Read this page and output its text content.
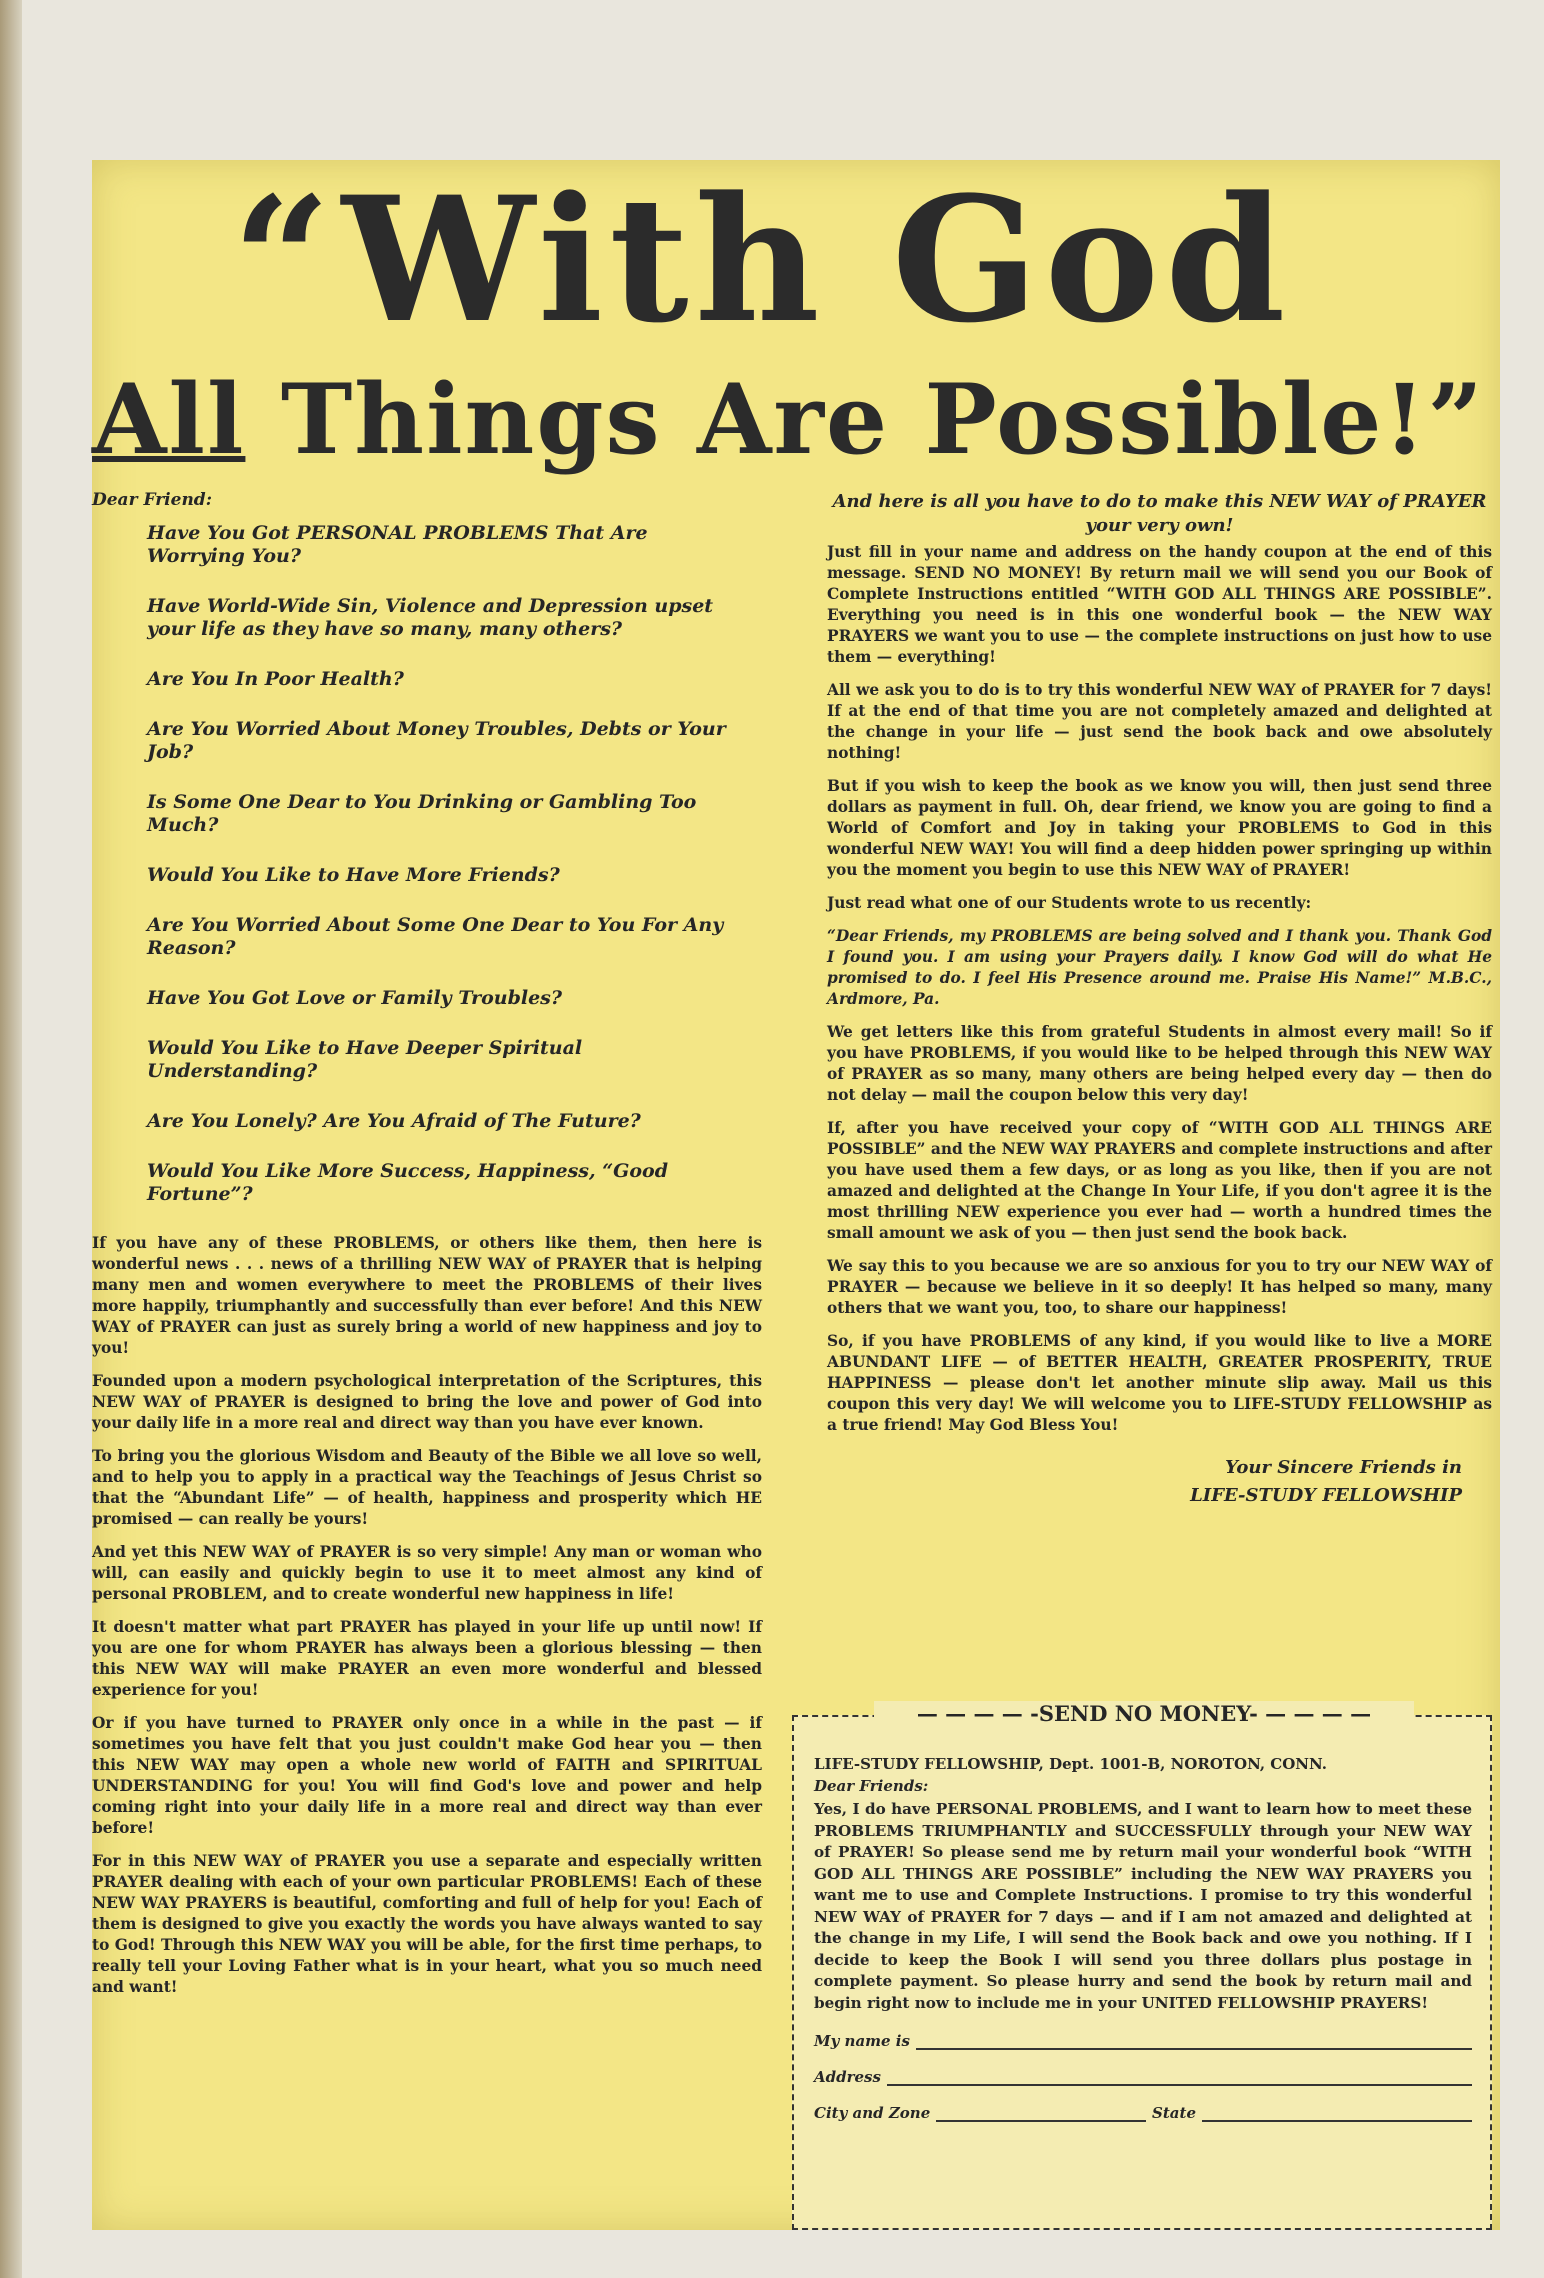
“With God
All Things Are Possible!”

Dear Friend:

Have You Got PERSONAL PROBLEMS That Are Worrying You?

Have World-Wide Sin, Violence and Depression upset your life as they have so many, many others?

Are You In Poor Health?

Are You Worried About Money Troubles, Debts or Your Job?

Is Some One Dear to You Drinking or Gambling Too Much?

Would You Like to Have More Friends?

Are You Worried About Some One Dear to You For Any Reason?

Have You Got Love or Family Troubles?

Would You Like to Have Deeper Spiritual Understanding?

Are You Lonely? Are You Afraid of The Future?

Would You Like More Success, Happiness, “Good Fortune”?

If you have any of these PROBLEMS, or others like them, then here is wonderful news . . . news of a thrilling NEW WAY of PRAYER that is helping many men and women everywhere to meet the PROBLEMS of their lives more happily, triumphantly and successfully than ever before! And this NEW WAY of PRAYER can just as surely bring a world of new happiness and joy to you!

Founded upon a modern psychological interpretation of the Scriptures, this NEW WAY of PRAYER is designed to bring the love and power of God into your daily life in a more real and direct way than you have ever known.

To bring you the glorious Wisdom and Beauty of the Bible we all love so well, and to help you to apply in a practical way the Teachings of Jesus Christ so that the “Abundant Life” — of health, happiness and prosperity which HE promised — can really be yours!

And yet this NEW WAY of PRAYER is so very simple! Any man or woman who will, can easily and quickly begin to use it to meet almost any kind of personal PROBLEM, and to create wonderful new happiness in life!

It doesn't matter what part PRAYER has played in your life up until now! If you are one for whom PRAYER has always been a glorious blessing — then this NEW WAY will make PRAYER an even more wonderful and blessed experience for you!

Or if you have turned to PRAYER only once in a while in the past — if sometimes you have felt that you just couldn't make God hear you — then this NEW WAY may open a whole new world of FAITH and SPIRITUAL UNDERSTANDING for you! You will find God's love and power and help coming right into your daily life in a more real and direct way than ever before!

For in this NEW WAY of PRAYER you use a separate and especially written PRAYER dealing with each of your own particular PROBLEMS! Each of these NEW WAY PRAYERS is beautiful, comforting and full of help for you! Each of them is designed to give you exactly the words you have always wanted to say to God! Through this NEW WAY you will be able, for the first time perhaps, to really tell your Loving Father what is in your heart, what you so much need and want!

And here is all you have to do to make this NEW WAY of PRAYER your very own!

Just fill in your name and address on the handy coupon at the end of this message. SEND NO MONEY! By return mail we will send you our Book of Complete Instructions entitled “WITH GOD ALL THINGS ARE POSSIBLE”. Everything you need is in this one wonderful book — the NEW WAY PRAYERS we want you to use — the complete instructions on just how to use them — everything!

All we ask you to do is to try this wonderful NEW WAY of PRAYER for 7 days! If at the end of that time you are not completely amazed and delighted at the change in your life — just send the book back and owe absolutely nothing!

But if you wish to keep the book as we know you will, then just send three dollars as payment in full. Oh, dear friend, we know you are going to find a World of Comfort and Joy in taking your PROBLEMS to God in this wonderful NEW WAY! You will find a deep hidden power springing up within you the moment you begin to use this NEW WAY of PRAYER!

Just read what one of our Students wrote to us recently:

“Dear Friends, my PROBLEMS are being solved and I thank you. Thank God I found you. I am using your Prayers daily. I know God will do what He promised to do. I feel His Presence around me. Praise His Name!” M.B.C., Ardmore, Pa.

We get letters like this from grateful Students in almost every mail! So if you have PROBLEMS, if you would like to be helped through this NEW WAY of PRAYER as so many, many others are being helped every day — then do not delay — mail the coupon below this very day!

If, after you have received your copy of “WITH GOD ALL THINGS ARE POSSIBLE” and the NEW WAY PRAYERS and complete instructions and after you have used them a few days, or as long as you like, then if you are not amazed and delighted at the Change In Your Life, if you don't agree it is the most thrilling NEW experience you ever had — worth a hundred times the small amount we ask of you — then just send the book back.

We say this to you because we are so anxious for you to try our NEW WAY of PRAYER — because we believe in it so deeply! It has helped so many, many others that we want you, too, to share our happiness!

So, if you have PROBLEMS of any kind, if you would like to live a MORE ABUNDANT LIFE — of BETTER HEALTH, GREATER PROSPERITY, TRUE HAPPINESS — please don't let another minute slip away. Mail us this coupon this very day! We will welcome you to LIFE-STUDY FELLOWSHIP as a true friend! May God Bless You!

Your Sincere Friends in
LIFE-STUDY FELLOWSHIP
— — — — -SEND NO MONEY- — — — —

LIFE-STUDY FELLOWSHIP, Dept. 1001-B, NOROTON, CONN.

Dear Friends:

Yes, I do have PERSONAL PROBLEMS, and I want to learn how to meet these PROBLEMS TRIUMPHANTLY and SUCCESSFULLY through your NEW WAY of PRAYER! So please send me by return mail your wonderful book “WITH GOD ALL THINGS ARE POSSIBLE” including the NEW WAY PRAYERS you want me to use and Complete Instructions. I promise to try this wonderful NEW WAY of PRAYER for 7 days — and if I am not amazed and delighted at the change in my Life, I will send the Book back and owe you nothing. If I decide to keep the Book I will send you three dollars plus postage in complete payment. So please hurry and send the book by return mail and begin right now to include me in your UNITED FELLOWSHIP PRAYERS!

My name is
Address
City and Zone	State
